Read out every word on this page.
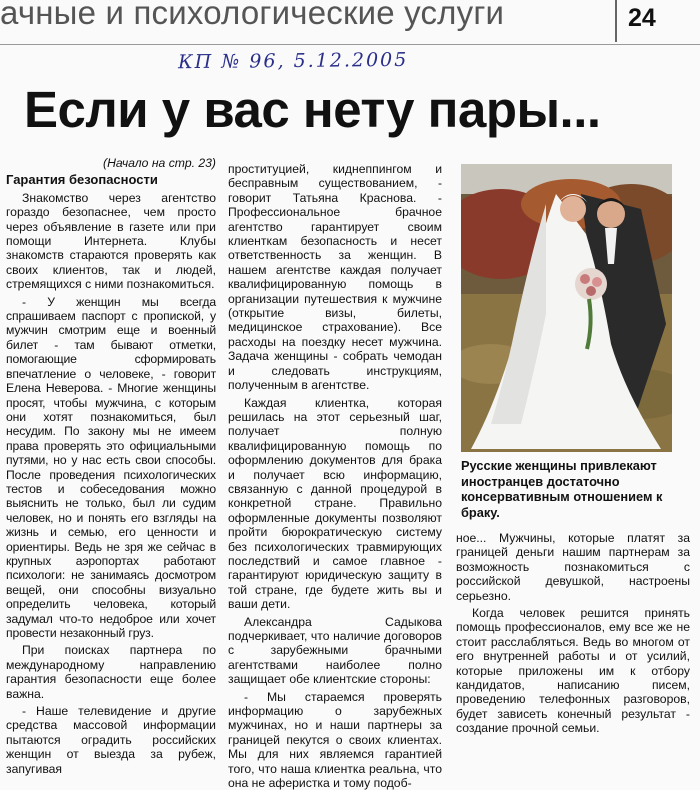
ачные и психологические услуги	24
КП № 96, 5.12.2005
Если у вас нету пары...

(Начало на стр. 23)

Гарантия безопасности

Знакомство через агентство гораздо безопаснее, чем просто через объявление в газете или при помощи Интернета. Клубы знакомств стараются проверять как своих клиентов, так и людей, стремящихся с ними познакомиться.

- У женщин мы всегда спрашиваем паспорт с пропиской, у мужчин смотрим еще и военный билет - там бывают отметки, помогающие сформировать впечатление о человеке, - говорит Елена Неверова. - Многие женщины просят, чтобы мужчина, с которым они хотят познакомиться, был несудим. По закону мы не имеем права проверять это официальными путями, но у нас есть свои способы. После проведения психологических тестов и собеседования можно выяснить не только, был ли судим человек, но и понять его взгляды на жизнь и семью, его ценности и ориентиры. Ведь не зря же сейчас в крупных аэропортах работают психологи: не занимаясь досмотром вещей, они способны визуально определить человека, который задумал что-то недоброе или хочет провести незаконный груз.

При поисках партнера по международному направлению гарантия безопасности еще более важна.

- Наше телевидение и другие средства массовой информации пытаются оградить российских женщин от выезда за рубеж, запугивая

проституцией, киднеппингом и бесправным существованием, - говорит Татьяна Краснова. - Профессиональное брачное агентство гарантирует своим клиенткам безопасность и несет ответственность за женщин. В нашем агентстве каждая получает квалифицированную помощь в организации путешествия к мужчине (открытие визы, билеты, медицинское страхование). Все расходы на поездку несет мужчина. Задача женщины - собрать чемодан и следовать инструкциям, полученным в агентстве.

Каждая клиентка, которая решилась на этот серьезный шаг, получает полную квалифицированную помощь по оформлению документов для брака и получает всю информацию, связанную с данной процедурой в конкретной стране. Правильно оформленные документы позволяют пройти бюрократическую систему без психологических травмирующих последствий и самое главное - гарантируют юридическую защиту в той стране, где будете жить вы и ваши дети.

Александра Садыкова подчеркивает, что наличие договоров с зарубежными брачными агентствами наиболее полно защищает обе клиентские стороны:

- Мы стараемся проверять информацию о зарубежных мужчинах, но и наши партнеры за границей пекутся о своих клиентах. Мы для них являемся гарантией того, что наша клиентка реальна, что она не аферистка и тому подоб-

Русские женщины привлекают иностранцев достаточно консервативным отношением к браку.

ное... Мужчины, которые платят за границей деньги нашим партнерам за возможность познакомиться с российской девушкой, настроены серьезно.

Когда человек решится принять помощь профессионалов, ему все же не стоит расслабляться. Ведь во многом от его внутренней работы и от усилий, которые приложены им к отбору кандидатов, написанию писем, проведению телефонных разговоров, будет зависеть конечный результат - создание прочной семьи.
